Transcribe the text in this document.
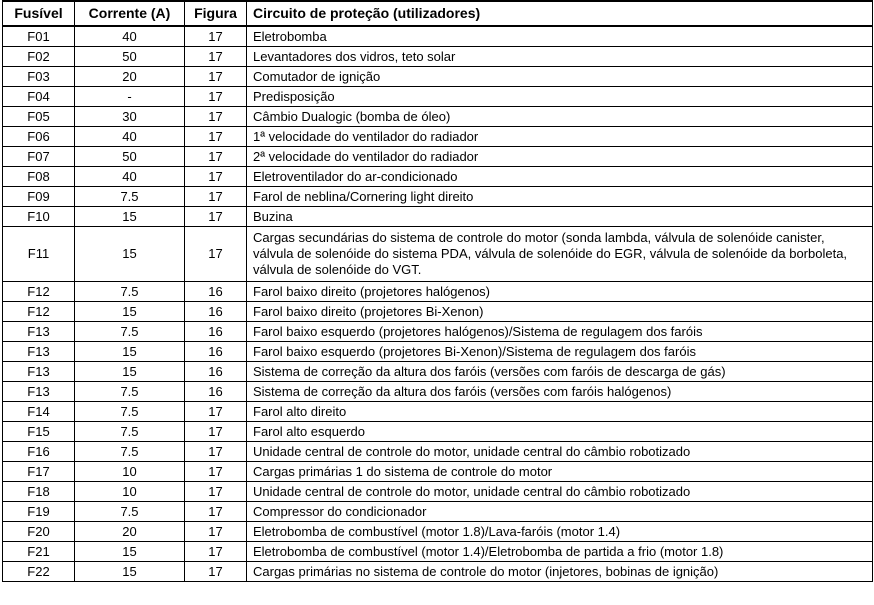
Fusível	Corrente (A)	Figura	Circuito de proteção (utilizadores)
F01	40	17	Eletrobomba
F02	50	17	Levantadores dos vidros, teto solar
F03	20	17	Comutador de ignição
F04	-	17	Predisposição
F05	30	17	Câmbio Dualogic (bomba de óleo)
F06	40	17	1ª velocidade do ventilador do radiador
F07	50	17	2ª velocidade do ventilador do radiador
F08	40	17	Eletroventilador do ar-condicionado
F09	7.5	17	Farol de neblina/Cornering light direito
F10	15	17	Buzina
F11	15	17	Cargas secundárias do sistema de controle do motor (sonda lambda, válvula de solenóide canister, válvula de solenóide do sistema PDA, válvula de solenóide do EGR, válvula de solenóide da borboleta, válvula de solenóide do VGT.
F12	7.5	16	Farol baixo direito (projetores halógenos)
F12	15	16	Farol baixo direito (projetores Bi-Xenon)
F13	7.5	16	Farol baixo esquerdo (projetores halógenos)/Sistema de regulagem dos faróis
F13	15	16	Farol baixo esquerdo (projetores Bi-Xenon)/Sistema de regulagem dos faróis
F13	15	16	Sistema de correção da altura dos faróis (versões com faróis de descarga de gás)
F13	7.5	16	Sistema de correção da altura dos faróis (versões com faróis halógenos)
F14	7.5	17	Farol alto direito
F15	7.5	17	Farol alto esquerdo
F16	7.5	17	Unidade central de controle do motor, unidade central do câmbio robotizado
F17	10	17	Cargas primárias 1 do sistema de controle do motor
F18	10	17	Unidade central de controle do motor, unidade central do câmbio robotizado
F19	7.5	17	Compressor do condicionador
F20	20	17	Eletrobomba de combustível (motor 1.8)/Lava-faróis (motor 1.4)
F21	15	17	Eletrobomba de combustível (motor 1.4)/Eletrobomba de partida a frio (motor 1.8)
F22	15	17	Cargas primárias no sistema de controle do motor (injetores, bobinas de ignição)
